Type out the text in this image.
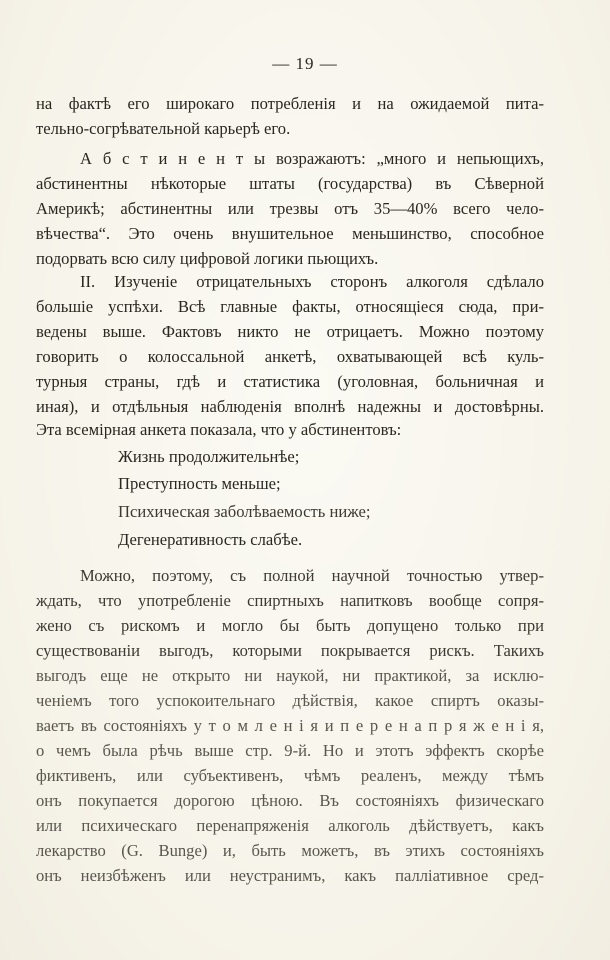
— 19 —
на фактѣ его широкаго потребленія и на ожидаемой пита-
тельно-согрѣвательной карьерѣ его.
А б с т и н е н т ы возражаютъ: „много и непьющихъ,
абстинентны нѣкоторые штаты (государства) въ Сѣверной
Америкѣ; абстинентны или трезвы отъ 35—40% всего чело-
вѣчества“. Это очень внушительное меньшинство, способное
подорвать всю силу цифровой логики пьющихъ.
II. Изученіе отрицательныхъ сторонъ алкоголя сдѣлало
большіе успѣхи. Всѣ главные факты, относящіеся сюда, при-
ведены выше. Фактовъ никто не отрицаетъ. Можно поэтому
говорить о колоссальной анкетѣ, охватывающей всѣ куль-
турныя страны, гдѣ и статистика (уголовная, больничная и
иная), и отдѣльныя наблюденія вполнѣ надежны и достовѣрны.
Эта всемірная анкета показала, что у абстинентовъ:
Жизнь продолжительнѣе;
Преступность меньше;
Психическая заболѣваемость ниже;
Дегенеративность слабѣе.
Можно, поэтому, съ полной научной точностью утвер-
ждать, что употребленіе спиртныхъ напитковъ вообще сопря-
жено съ рискомъ и могло бы быть допущено только при
существованіи выгодъ, которыми покрывается рискъ. Такихъ
выгодъ еще не открыто ни наукой, ни практикой, за исклю-
ченіемъ того успокоительнаго дѣйствія, какое спиртъ оказы-
ваетъ въ состояніяхъ у т о м л е н і я и п е р е н а п р я ж е н і я,
о чемъ была рѣчь выше стр. 9-й. Но и этотъ эффектъ скорѣе
фиктивенъ, или субъективенъ, чѣмъ реаленъ, между тѣмъ
онъ покупается дорогою цѣною. Въ состояніяхъ физическаго
или психическаго перенапряженія алкоголь дѣйствуетъ, какъ
лекарство (G. Bunge) и, быть можетъ, въ этихъ состояніяхъ
онъ неизбѣженъ или неустранимъ, какъ палліативное сред-
